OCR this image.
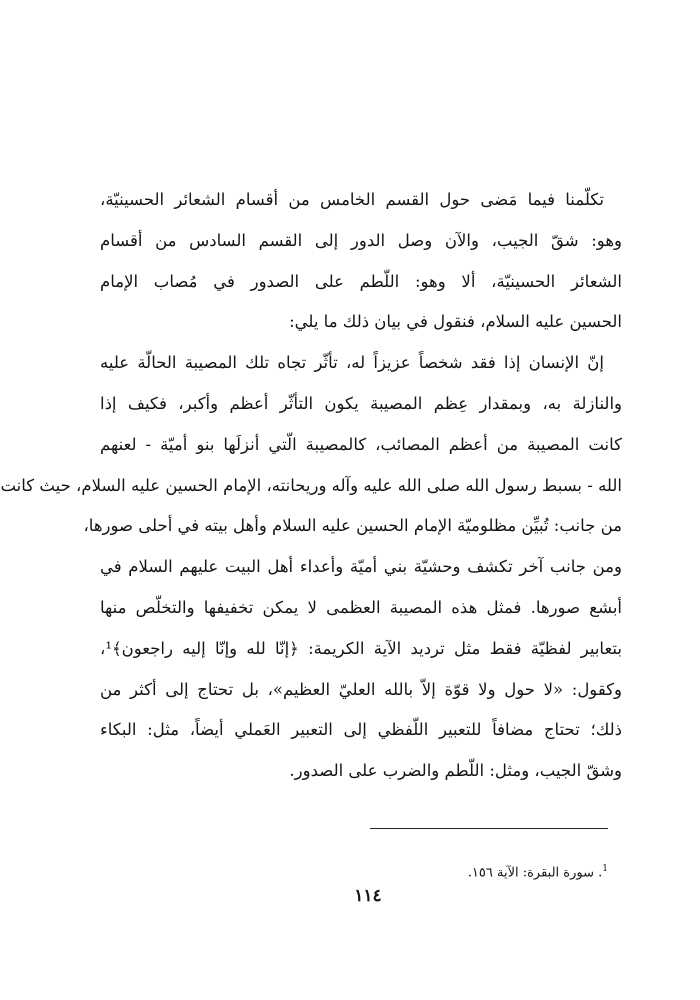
تكلّمنا فيما مَضى حول القسم الخامس من أقسام الشعائر الحسينيّة،
وهو: شقّ الجيب، والآن وصل الدور إلى القسم السادس من أقسام
الشعائر الحسينيّة، ألا وهو: اللّطم على الصدور في مُصاب الإمام
الحسين عليه السلام، فنقول في بيان ذلك ما يلي:
إنّ الإنسان إذا فقد شخصاً عزيزاً له، تأثّر تجاه تلك المصيبة الحالّة عليه
والنازلة به، وبمقدار عِظم المصيبة يكون التأثّر أعظم وأكبر، فكيف إذا
كانت المصيبة من أعظم المصائب، كالمصيبة الّتي أنزلَها بنو أميّة - لعنهم
الله - بسبط رسول الله صلى الله عليه وآله وريحانته، الإمام الحسين عليه السلام، حيث كانت
من جانب: تُبيِّن مظلوميّة الإمام الحسين عليه السلام وأهل بيته في أحلى صورها،
ومن جانب آخر تكشف وحشيّة بني أميّة وأعداء أهل البيت عليهم السلام في
أبشع صورها. فمثل هذه المصيبة العظمى لا يمكن تخفيفها والتخلّص منها
بتعابير لفظيّة فقط مثل ترديد الآية الكريمة: ﴿إنّا لله وإنّا إليه راجعون﴾¹،
وكقول: «لا حول ولا قوّة إلاّ بالله العليّ العظيم»، بل تحتاج إلى أكثر من
ذلك؛ تحتاج مضافاً للتعبير اللّفظي إلى التعبير العَملي أيضاً، مثل: البكاء
وشقّ الجيب، ومثل: اللّطم والضرب على الصدور.
$^1$. سورة البقرة: الآية ١٥٦.
١١٤
